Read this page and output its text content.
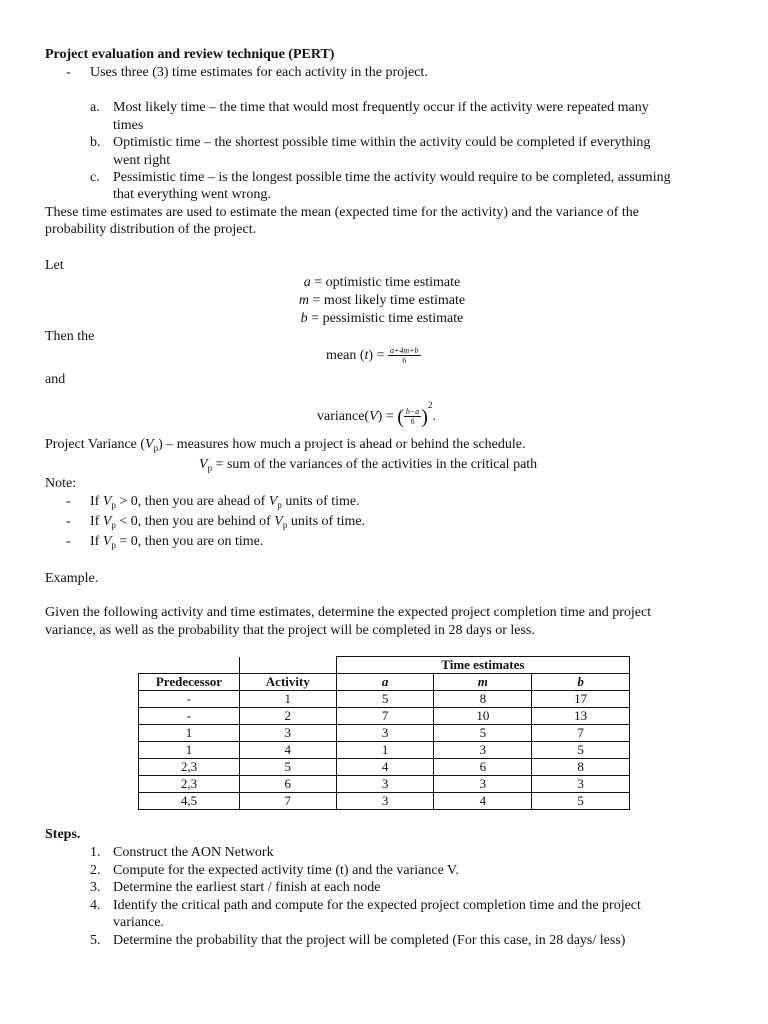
Project evaluation and review technique (PERT)
- Uses three (3) time estimates for each activity in the project.
a. Most likely time – the time that would most frequently occur if the activity were repeated many
times
b. Optimistic time – the shortest possible time within the activity could be completed if everything
went right
c. Pessimistic time – is the longest possible time the activity would require to be completed, assuming
that everything went wrong.
These time estimates are used to estimate the mean (expected time for the activity) and the variance of the
probability distribution of the project.
Let
a = optimistic time estimate
m = most likely time estimate
b = pessimistic time estimate
Then the
mean $(t) = \frac{a+4m+b}{6}$
and
variance(V) = ( $\frac{b-a}{6} )^2$.
Project Variance $(V_p)$ – measures how much a project is ahead or behind the schedule.
$V_p$ = sum of the variances of the activities in the critical path
Note:
- If $V_p > 0$, then you are ahead of $V_p$ units of time.
- If $V_p < 0$, then you are behind of $V_p$ units of time.
- If $V_p = 0$, then you are on time.
Example.
Given the following activity and time estimates, determine the expected project completion time and project
variance, as well as the probability that the project will be completed in 28 days or less.
		Time estimates		
Predecessor	Activity	a	m	b
-	1	5	8	17
-	2	7	10	13
1	3	3	5	7
1	4	1	3	5
2,3	5	4	6	8
2,3	6	3	3	3
4,5	7	3	4	5
Steps.
1. Construct the AON Network
2. Compute for the expected activity time (t) and the variance V.
3. Determine the earliest start / finish at each node
4. Identify the critical path and compute for the expected project completion time and the project
variance.
5. Determine the probability that the project will be completed (For this case, in 28 days/ less)
